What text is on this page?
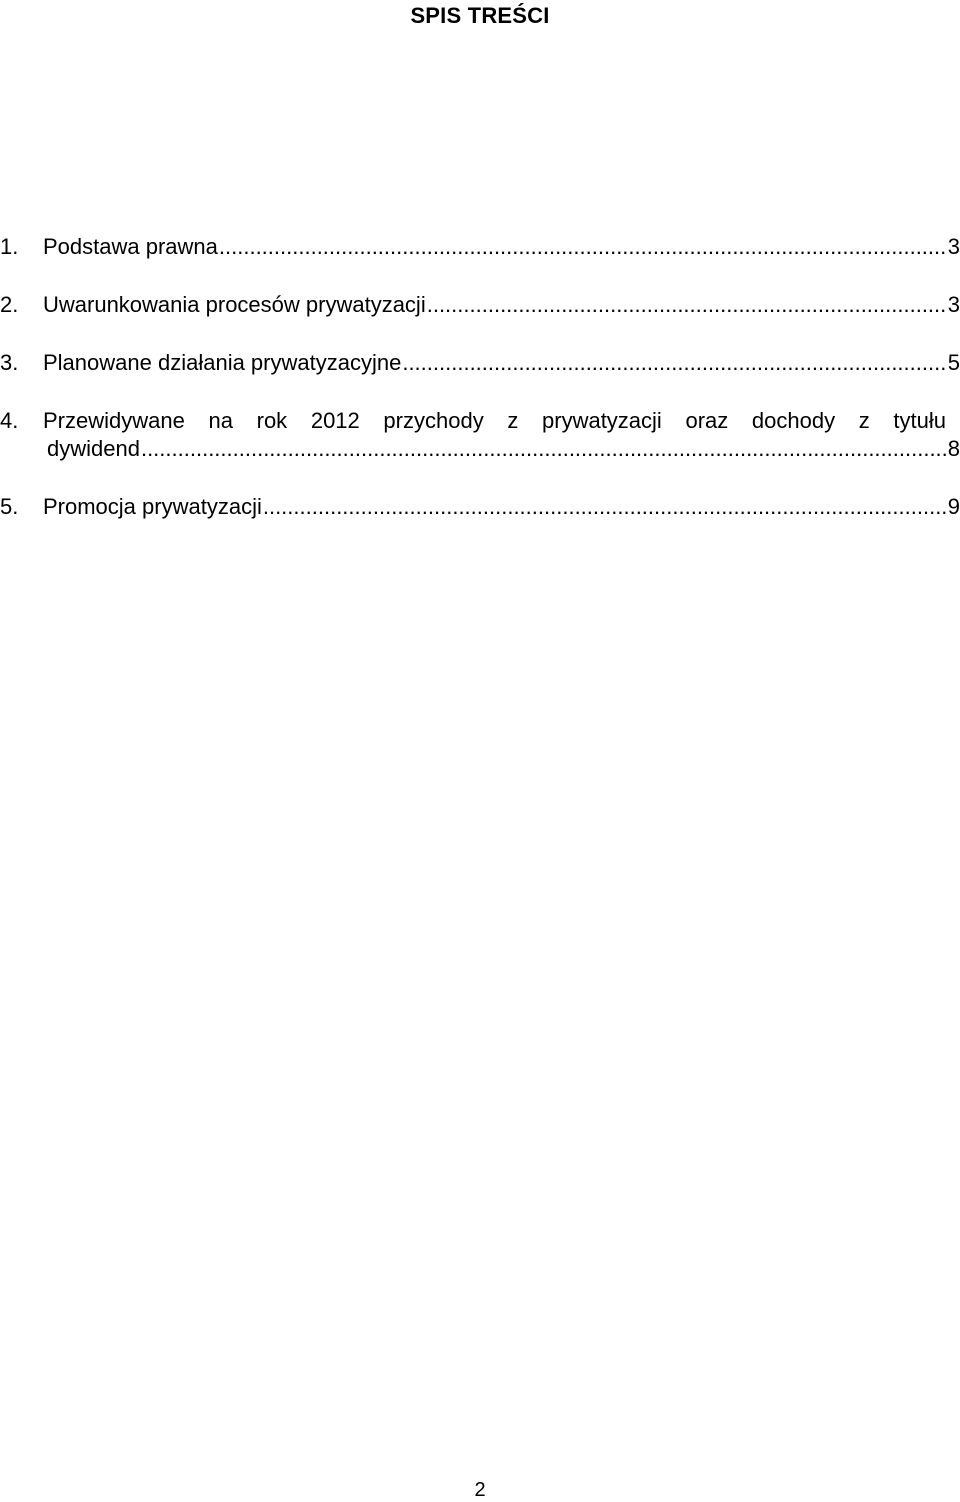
SPIS TREŚCI
1. Podstawa prawna .....	3
2. Uwarunkowania procesów prywatyzacji .....	3
3. Planowane działania prywatyzacyjne .....	5
4. Przewidywane na rok 2012 przychody z prywatyzacji oraz dochody z tytułu
dywidend .....	8
5. Promocja prywatyzacji .....	9
2
